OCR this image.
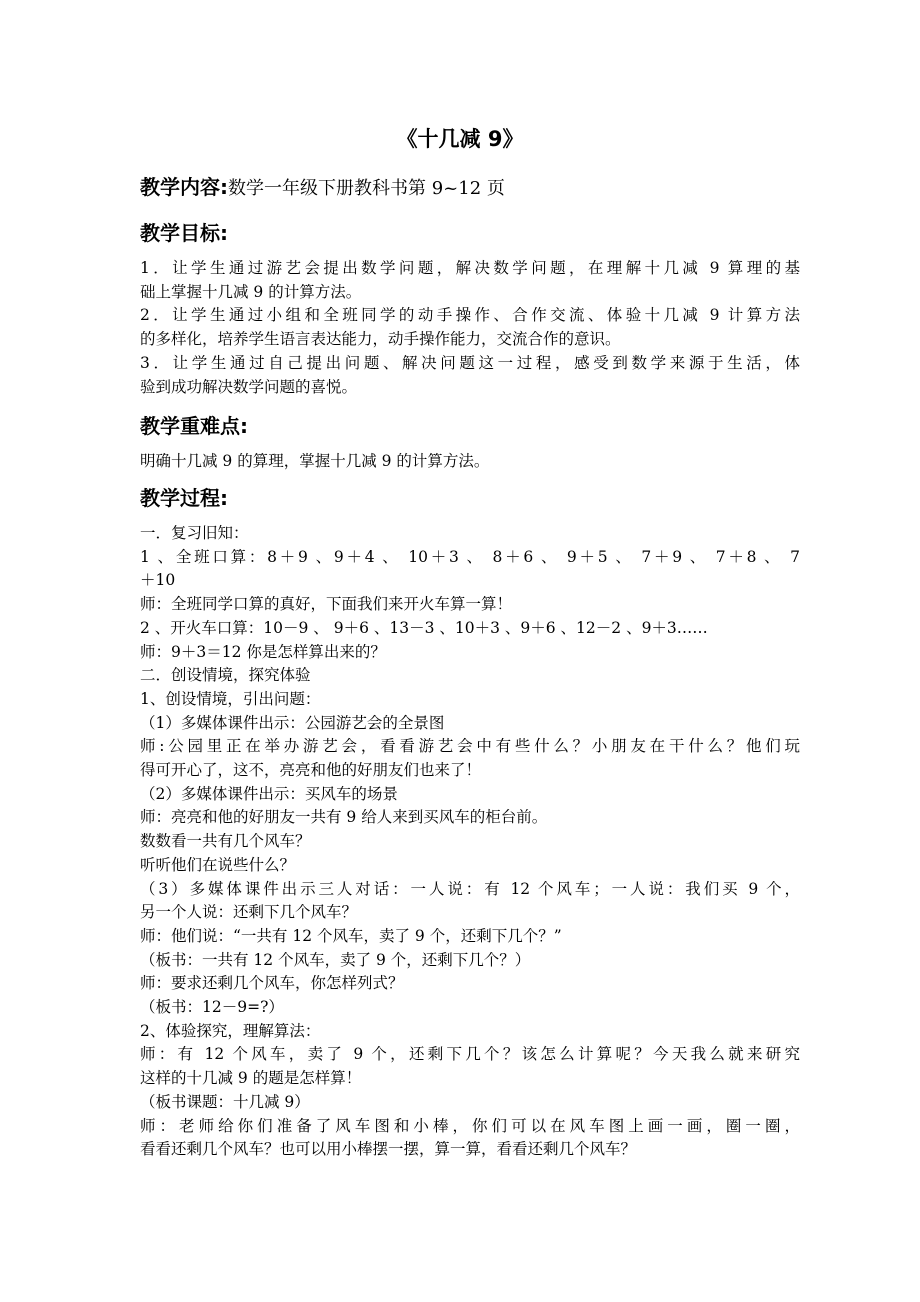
《十几减 9》
教学内容:数学一年级下册教科书第 9~12 页
教学目标:

1．让学生通过游艺会提出数学问题，解决数学问题，在理解十几减 9 算理的基

础上掌握十几减 9 的计算方法。

2．让学生通过小组和全班同学的动手操作、合作交流、体验十几减 9 计算方法

的多样化，培养学生语言表达能力，动手操作能力，交流合作的意识。

3．让学生通过自己提出问题、解决问题这一过程，感受到数学来源于生活，体

验到成功解决数学问题的喜悦。

教学重难点:

明确十几减 9 的算理，掌握十几减 9 的计算方法。

教学过程:

一．复习旧知：

1 、全班口算：8＋9 、9＋4 、 10＋3 、 8＋6 、 9＋5 、 7＋9 、 7＋8 、 7

＋10

师：全班同学口算的真好，下面我们来开火车算一算！

2 、开火车口算：10－9 、 9＋6 、13－3 、10＋3 、9＋6 、12－2 、9＋3……

师：9＋3＝12 你是怎样算出来的？

二．创设情境，探究体验

1、创设情境，引出问题：

（1）多媒体课件出示：公园游艺会的全景图

师:公园里正在举办游艺会，看看游艺会中有些什么？小朋友在干什么？他们玩

得可开心了，这不，亮亮和他的好朋友们也来了！

（2）多媒体课件出示：买风车的场景

师：亮亮和他的好朋友一共有 9 给人来到买风车的柜台前。

数数看一共有几个风车？

听听他们在说些什么？

（3）多媒体课件出示三人对话：一人说：有 12 个风车；一人说：我们买 9 个，

另一个人说：还剩下几个风车？

师：他们说：“一共有 12 个风车，卖了 9 个，还剩下几个？”

（板书：一共有 12 个风车，卖了 9 个，还剩下几个？）

师：要求还剩几个风车，你怎样列式？

（板书：12－9=?）

2、体验探究，理解算法：

师：有 12 个风车，卖了 9 个，还剩下几个？该怎么计算呢？今天我么就来研究

这样的十几减 9 的题是怎样算！

（板书课题：十几减 9）

师：老师给你们准备了风车图和小棒，你们可以在风车图上画一画，圈一圈，

看看还剩几个风车？也可以用小棒摆一摆，算一算，看看还剩几个风车？
